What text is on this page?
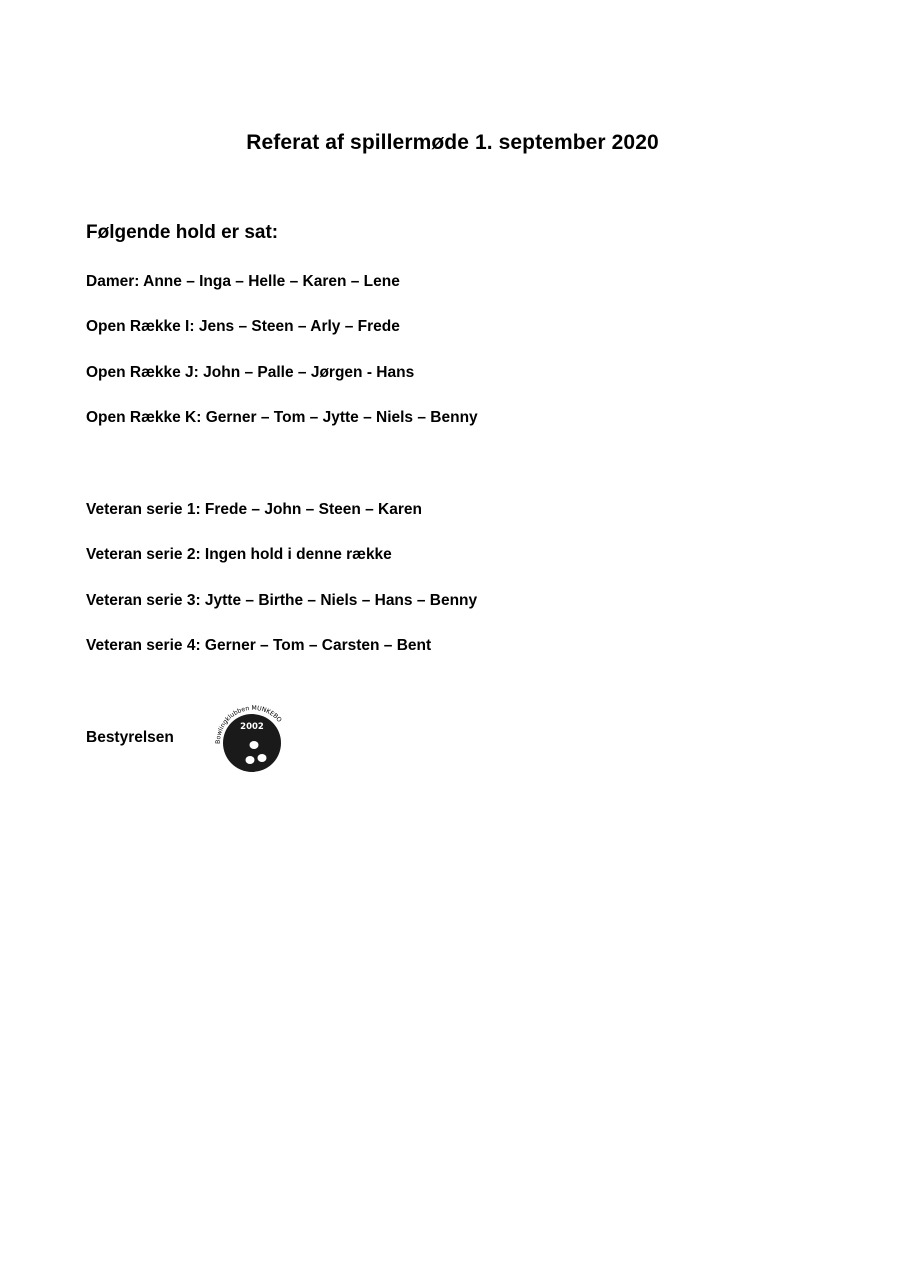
Referat af spillermøde 1. september 2020
Følgende hold er sat:
Damer: Anne – Inga – Helle – Karen – Lene
Open Række I: Jens – Steen – Arly – Frede
Open Række J: John – Palle – Jørgen - Hans
Open Række K: Gerner – Tom – Jytte – Niels – Benny
Veteran serie 1: Frede – John – Steen – Karen
Veteran serie 2: Ingen hold i denne række
Veteran serie 3: Jytte – Birthe – Niels – Hans – Benny
Veteran serie 4: Gerner – Tom – Carsten – Bent
Bestyrelsen	Bowlingklubben MUNKEBO
2002
